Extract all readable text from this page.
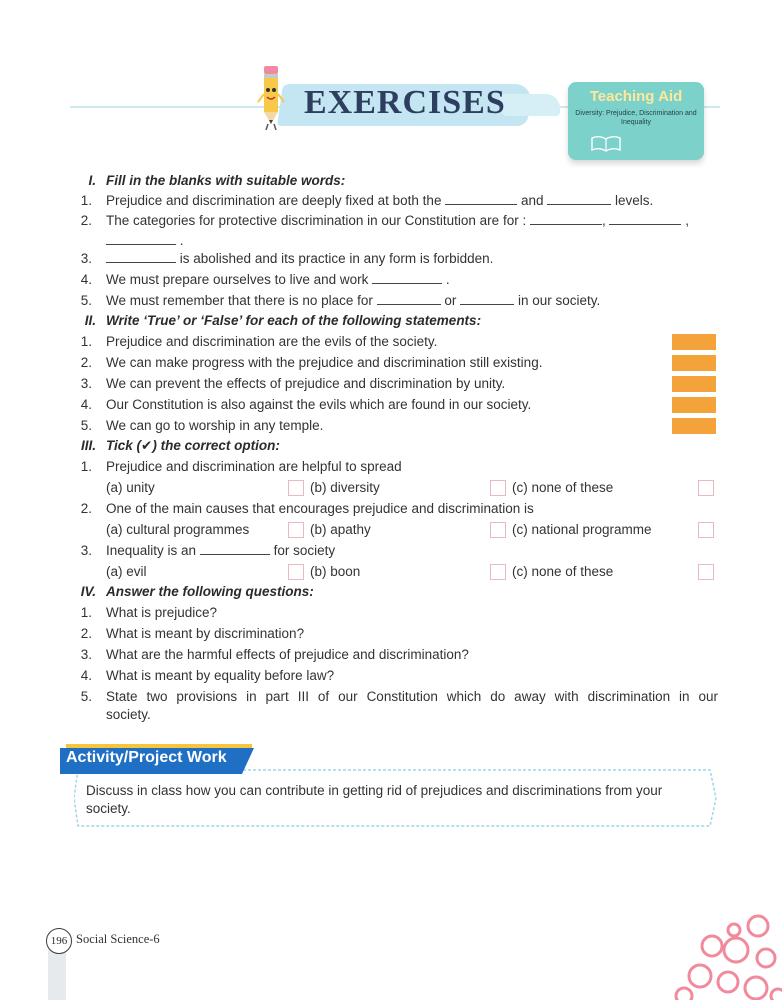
EXERCISES	Teaching Aid
Diversity: Prejudice, Discrimination and Inequality
I. Fill in the blanks with suitable words:
1. Prejudice and discrimination are deeply fixed at both the	and	levels.
2. The categories for protective discrimination in our Constitution are for :	,	,
.
3.	is abolished and its practice in any form is forbidden.
4. We must prepare ourselves to live and work	.
5. We must remember that there is no place for	or	in our society.
II. Write ‘True’ or ‘False’ for each of the following statements:
1. Prejudice and discrimination are the evils of the society.
2. We can make progress with the prejudice and discrimination still existing.
3. We can prevent the effects of prejudice and discrimination by unity.
4. Our Constitution is also against the evils which are found in our society.
5. We can go to worship in any temple.
III. Tick (✔) the correct option:
1. Prejudice and discrimination are helpful to spread
(a) unity	(b) diversity	(c) none of these
2. One of the main causes that encourages prejudice and discrimination is
(a) cultural programmes	(b) apathy	(c) national programme
3. Inequality is an	for society
(a) evil	(b) boon	(c) none of these
IV. Answer the following questions:
1. What is prejudice?
2. What is meant by discrimination?
3. What are the harmful effects of prejudice and discrimination?
4. What is meant by equality before law?
5. State two provisions in part III of our Constitution which do away with discrimination in our society.
Activity/Project Work
Discuss in class how you can contribute in getting rid of prejudices and discriminations from your society.
196 Social Science-6
